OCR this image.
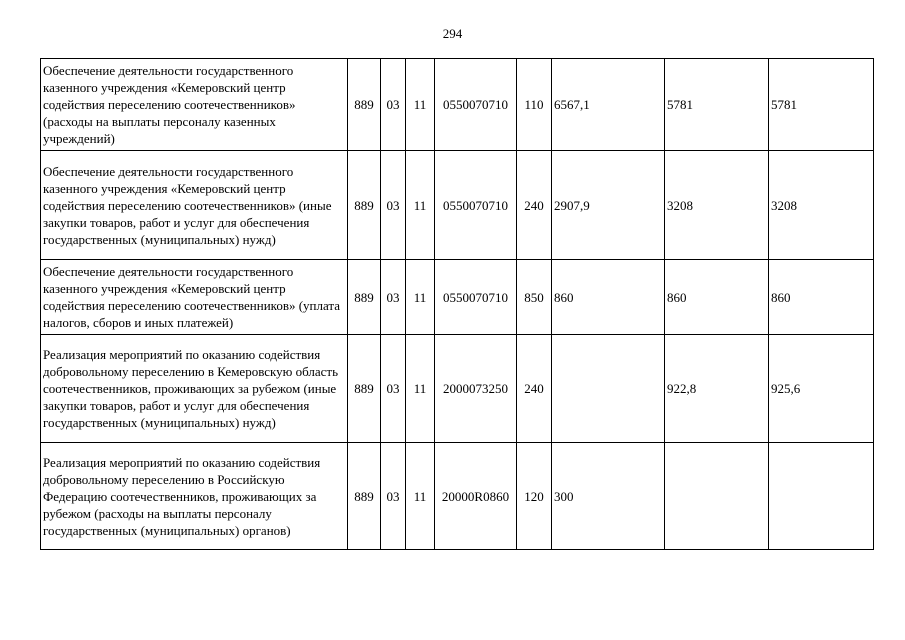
294
Обеспечение деятельности государственного казенного учреждения «Кемеровский центр содействия переселению соотечественников» (расходы на выплаты персоналу казенных учреждений)	889	03	11	0550070710	110	6567,1	5781	5781
Обеспечение деятельности государственного казенного учреждения «Кемеровский центр содействия переселению соотечественников» (иные закупки товаров, работ и услуг для обеспечения государственных (муниципальных) нужд)	889	03	11	0550070710	240	2907,9	3208	3208
Обеспечение деятельности государственного казенного учреждения «Кемеровский центр содействия переселению соотечественников» (уплата налогов, сборов и иных платежей)	889	03	11	0550070710	850	860	860	860
Реализация мероприятий по оказанию содействия добровольному переселению в Кемеровскую область соотечественников, проживающих за рубежом (иные закупки товаров, работ и услуг для обеспечения государственных (муниципальных) нужд)	889	03	11	2000073250	240		922,8	925,6
Реализация мероприятий по оказанию содействия добровольному переселению в Российскую Федерацию соотечественников, проживающих за рубежом (расходы на выплаты персоналу государственных (муниципальных) органов)	889	03	11	20000R0860	120	300		
